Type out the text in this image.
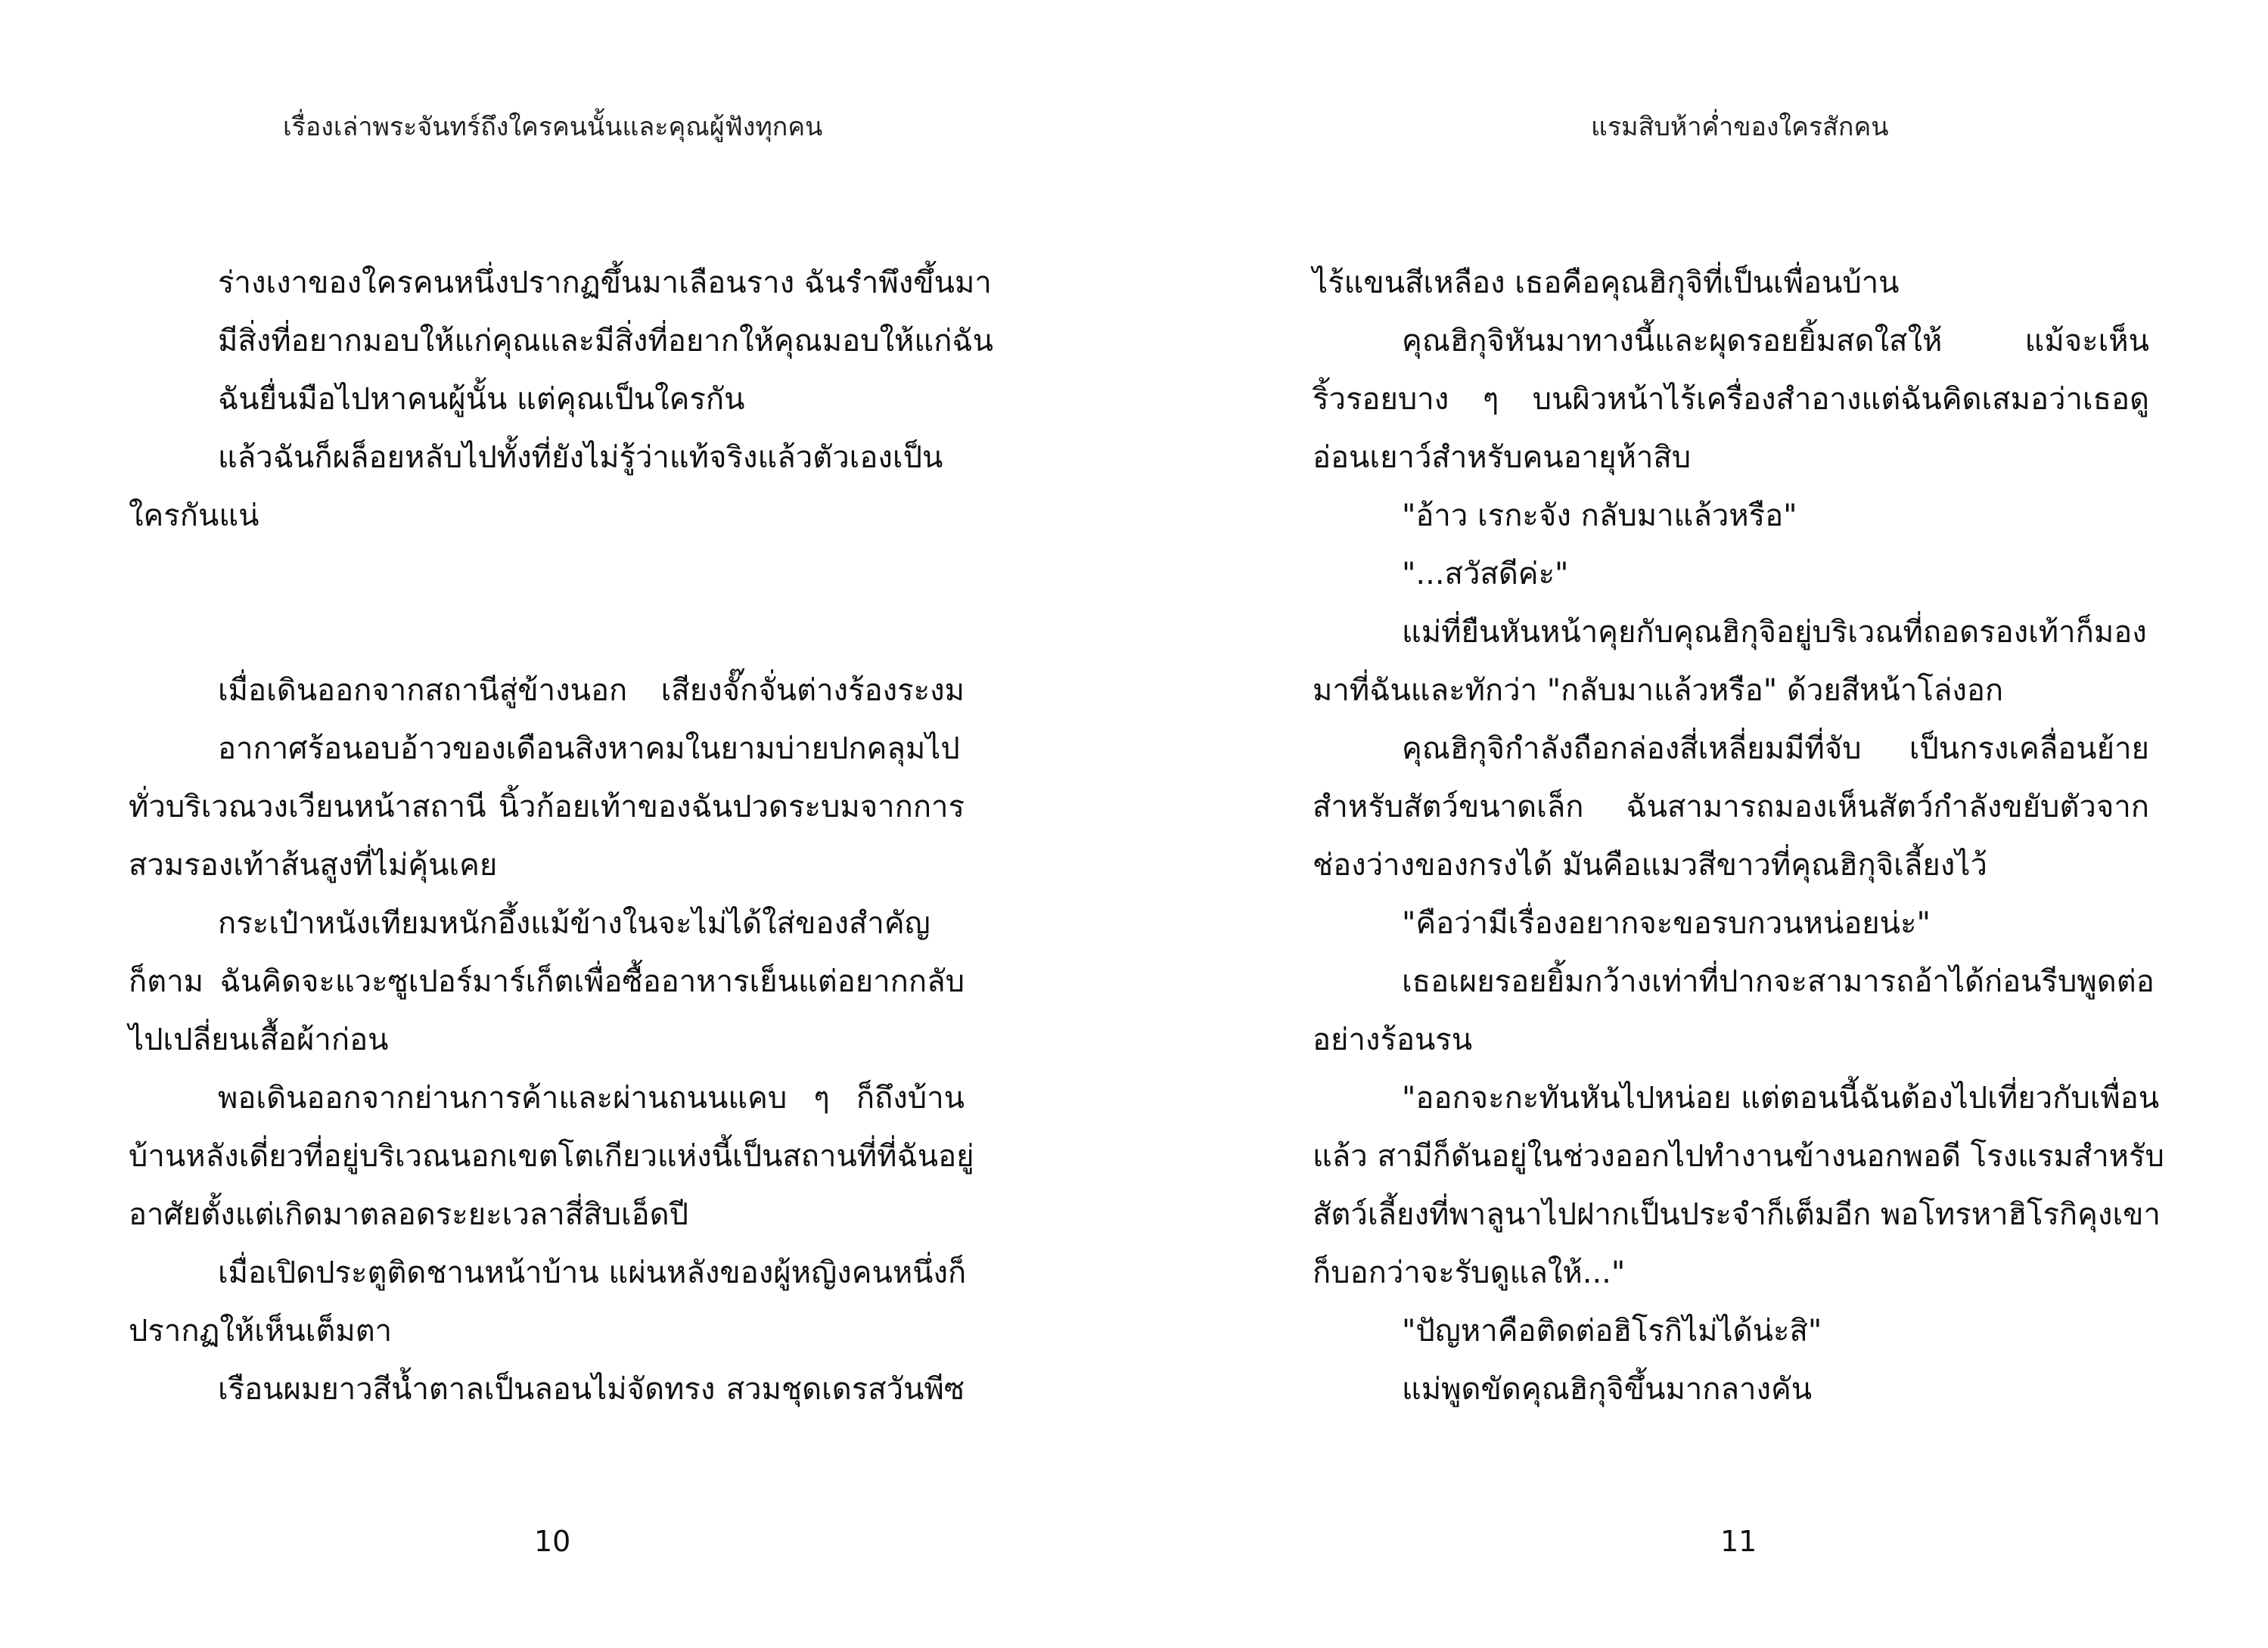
เรื่องเล่าพระจันทร์ถึงใครคนนั้นและคุณผู้ฟังทุกคน
ร่างเงาของใครคนหนึ่งปรากฏขึ้นมาเลือนราง ฉันรำพึงขึ้นมา
มีสิ่งที่อยากมอบให้แก่คุณและมีสิ่งที่อยากให้คุณมอบให้แก่ฉัน
ฉันยื่นมือไปหาคนผู้นั้น แต่คุณเป็นใครกัน
แล้วฉันก็ผล็อยหลับไปทั้งที่ยังไม่รู้ว่าแท้จริงแล้วตัวเองเป็น
ใครกันแน่
เมื่อเดินออกจากสถานีสู่ข้างนอก เสียงจั๊กจั่นต่างร้องระงม
อากาศร้อนอบอ้าวของเดือนสิงหาคมในยามบ่ายปกคลุมไป
ทั่วบริเวณวงเวียนหน้าสถานี นิ้วก้อยเท้าของฉันปวดระบมจากการ
สวมรองเท้าส้นสูงที่ไม่คุ้นเคย
กระเป๋าหนังเทียมหนักอึ้งแม้ข้างในจะไม่ได้ใส่ของสำคัญ
ก็ตาม ฉันคิดจะแวะซูเปอร์มาร์เก็ตเพื่อซื้ออาหารเย็นแต่อยากกลับ
ไปเปลี่ยนเสื้อผ้าก่อน
พอเดินออกจากย่านการค้าและผ่านถนนแคบ ๆ ก็ถึงบ้าน
บ้านหลังเดี่ยวที่อยู่บริเวณนอกเขตโตเกียวแห่งนี้เป็นสถานที่ที่ฉันอยู่
อาศัยตั้งแต่เกิดมาตลอดระยะเวลาสี่สิบเอ็ดปี
เมื่อเปิดประตูติดชานหน้าบ้าน แผ่นหลังของผู้หญิงคนหนึ่งก็
ปรากฏให้เห็นเต็มตา
เรือนผมยาวสีน้ำตาลเป็นลอนไม่จัดทรง สวมชุดเดรสวันพีซ
10
แรมสิบห้าค่ำของใครสักคน
ไร้แขนสีเหลือง เธอคือคุณฮิกุจิที่เป็นเพื่อนบ้าน
คุณฮิกุจิหันมาทางนี้และผุดรอยยิ้มสดใสให้ แม้จะเห็น
ริ้วรอยบาง ๆ บนผิวหน้าไร้เครื่องสำอางแต่ฉันคิดเสมอว่าเธอดู
อ่อนเยาว์สำหรับคนอายุห้าสิบ
"อ้าว เรกะจัง กลับมาแล้วหรือ"
"...สวัสดีค่ะ"
แม่ที่ยืนหันหน้าคุยกับคุณฮิกุจิอยู่บริเวณที่ถอดรองเท้าก็มอง
มาที่ฉันและทักว่า "กลับมาแล้วหรือ" ด้วยสีหน้าโล่งอก
คุณฮิกุจิกำลังถือกล่องสี่เหลี่ยมมีที่จับ เป็นกรงเคลื่อนย้าย
สำหรับสัตว์ขนาดเล็ก ฉันสามารถมองเห็นสัตว์กำลังขยับตัวจาก
ช่องว่างของกรงได้ มันคือแมวสีขาวที่คุณฮิกุจิเลี้ยงไว้
"คือว่ามีเรื่องอยากจะขอรบกวนหน่อยน่ะ"
เธอเผยรอยยิ้มกว้างเท่าที่ปากจะสามารถอ้าได้ก่อนรีบพูดต่อ
อย่างร้อนรน
"ออกจะกะทันหันไปหน่อย แต่ตอนนี้ฉันต้องไปเที่ยวกับเพื่อน
แล้ว สามีก็ดันอยู่ในช่วงออกไปทำงานข้างนอกพอดี โรงแรมสำหรับ
สัตว์เลี้ยงที่พาลูนาไปฝากเป็นประจำก็เต็มอีก พอโทรหาฮิโรกิคุงเขา
ก็บอกว่าจะรับดูแลให้..."
"ปัญหาคือติดต่อฮิโรกิไม่ได้น่ะสิ"
แม่พูดขัดคุณฮิกุจิขึ้นมากลางคัน
11
